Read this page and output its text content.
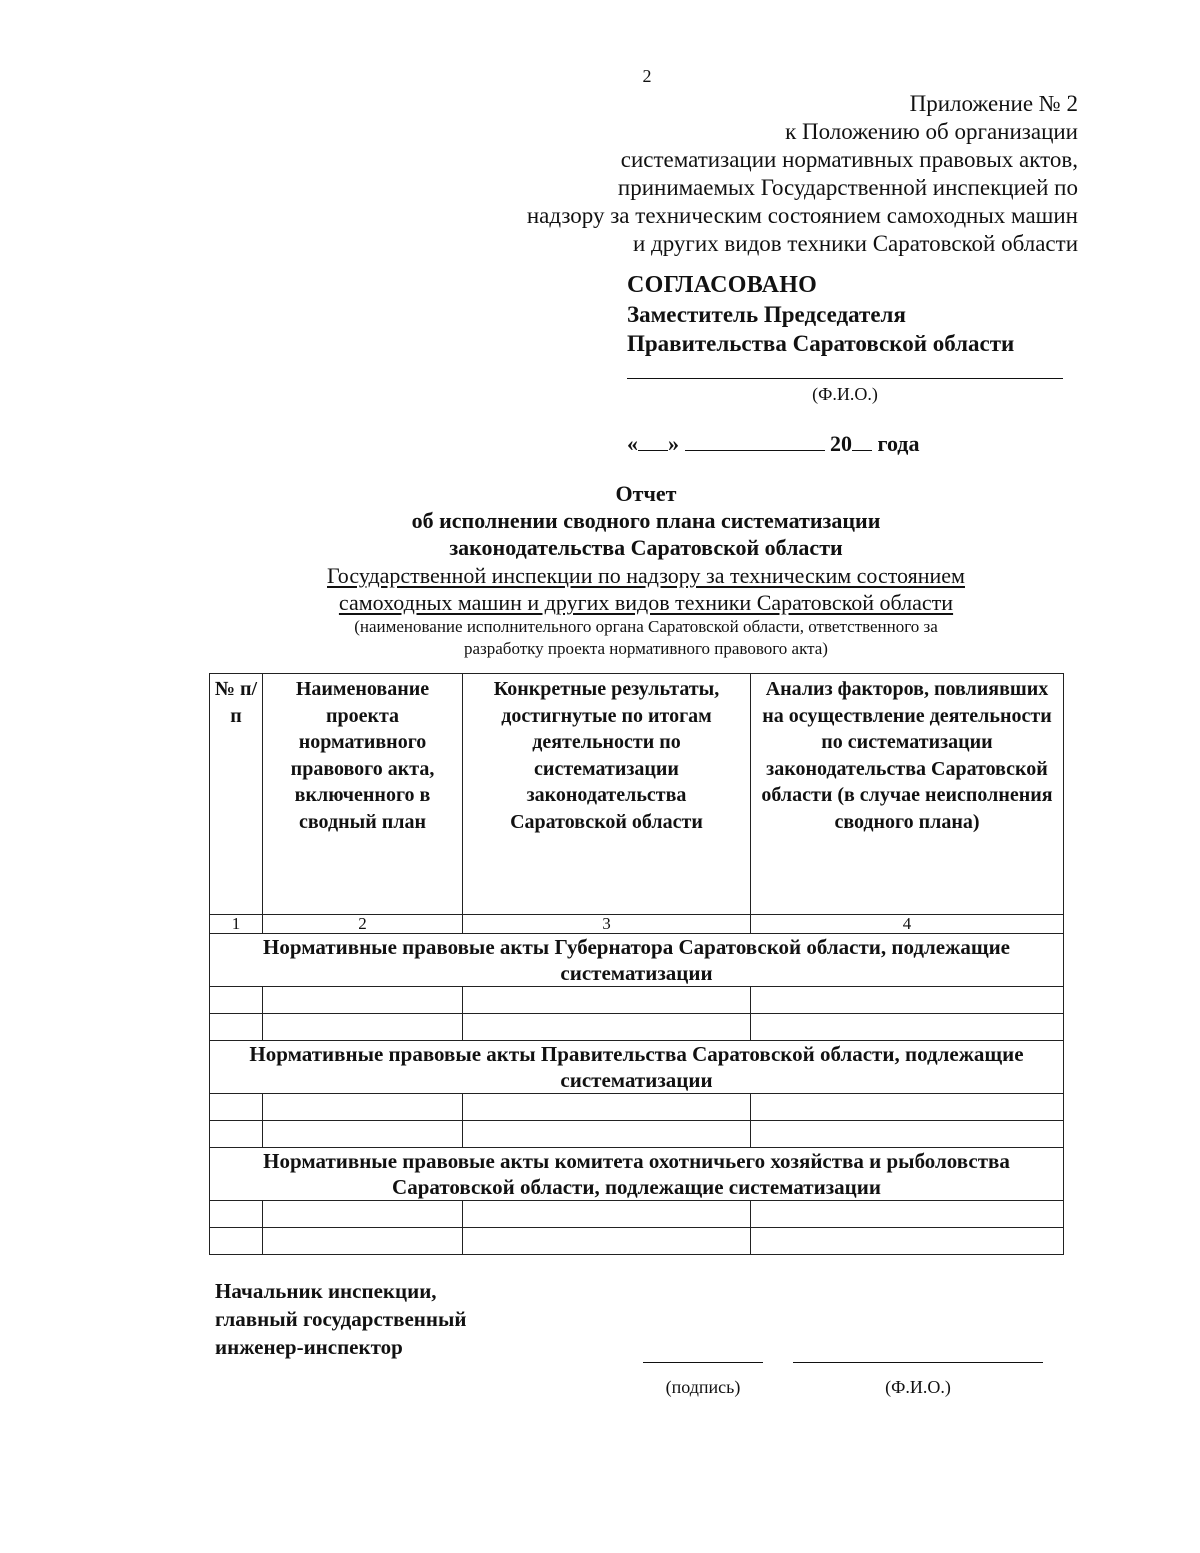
2
Приложение № 2
к Положению об организации
систематизации нормативных правовых актов,
принимаемых Государственной инспекцией по
надзору за техническим состоянием самоходных машин
и других видов техники Саратовской области
СОГЛАСОВАНО
Заместитель Председателя
Правительства Саратовской области
(Ф.И.О.)
« »	20 года
Отчет
об исполнении сводного плана систематизации
законодательства Саратовской области
Государственной инспекции по надзору за техническим состоянием
самоходных машин и других видов техники Саратовской области
(наименование исполнительного органа Саратовской области, ответственного за
разработку проекта нормативного правового акта)
№ п/п	Наименование проекта нормативного правового акта, включенного в сводный план	Конкретные результаты, достигнутые по итогам деятельности по систематизации законодательства Саратовской области	Анализ факторов, повлиявших на осуществление деятельности по систематизации законодательства Саратовской области (в случае неисполнения сводного плана)
1	2	3	4
Нормативные правовые акты Губернатора Саратовской области, подлежащие систематизации			

Нормативные правовые акты Правительства Саратовской области, подлежащие систематизации			

Нормативные правовые акты комитета охотничьего хозяйства и рыболовства Саратовской области, подлежащие систематизации			

Начальник инспекции,
главный государственный
инженер-инспектор
(подпись)	(Ф.И.О.)
